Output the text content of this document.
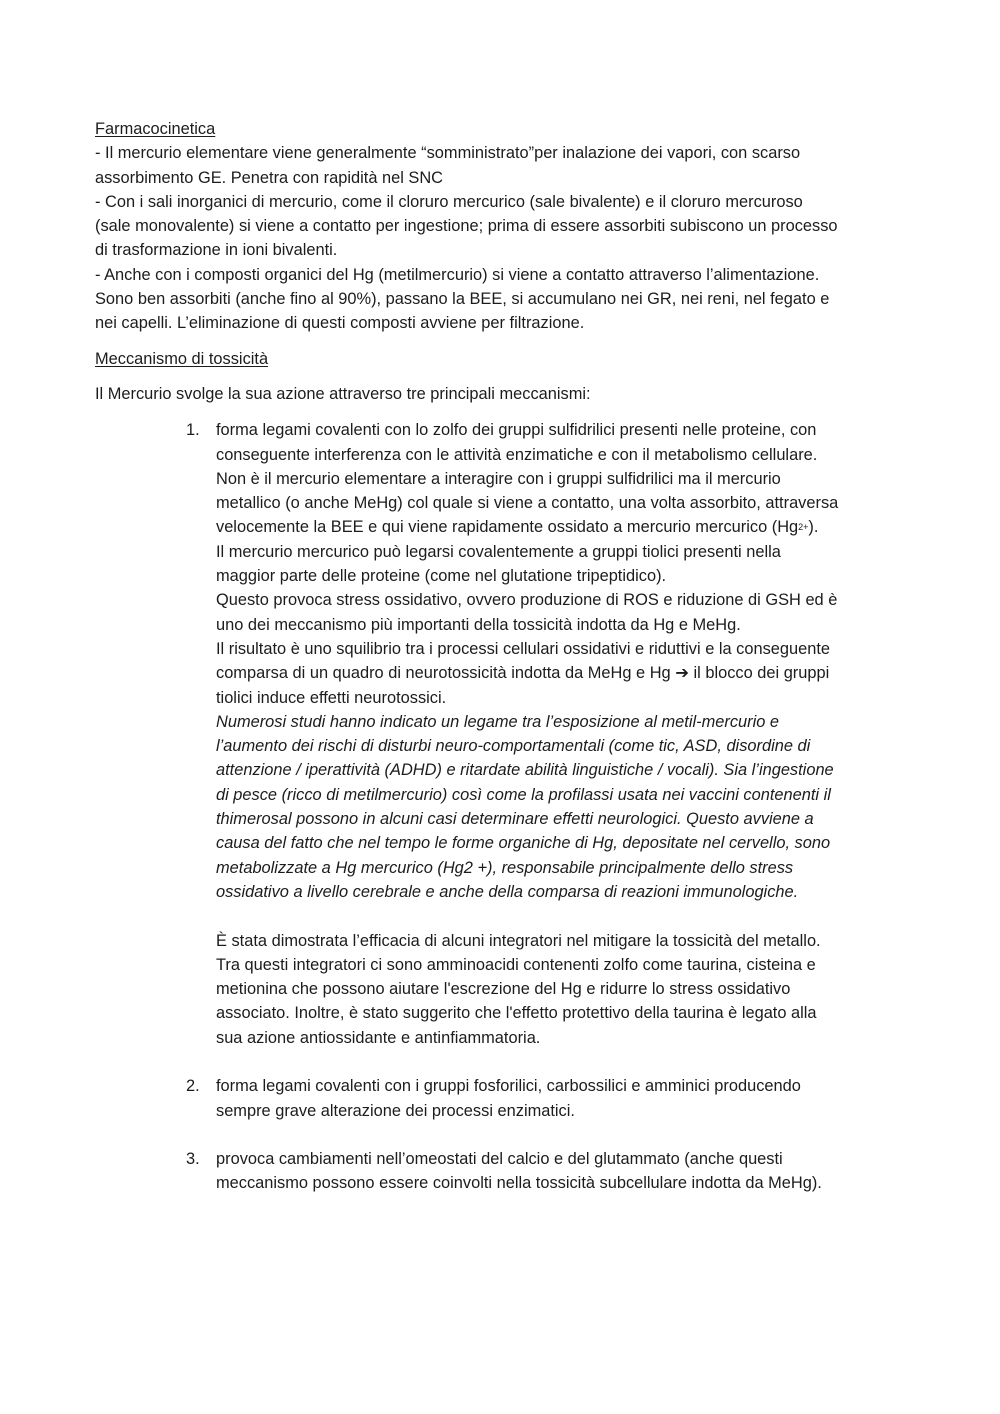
Farmacocinetica
- Il mercurio elementare viene generalmente “somministrato”per inalazione dei vapori, con scarso
assorbimento GE. Penetra con rapidità nel SNC
- Con i sali inorganici di mercurio, come il cloruro mercurico (sale bivalente) e il cloruro mercuroso
(sale monovalente) si viene a contatto per ingestione; prima di essere assorbiti subiscono un processo
di trasformazione in ioni bivalenti.
- Anche con i composti organici del Hg (metilmercurio) si viene a contatto attraverso l’alimentazione.
Sono ben assorbiti (anche fino al 90%), passano la BEE, si accumulano nei GR, nei reni, nel fegato e
nei capelli. L’eliminazione di questi composti avviene per filtrazione.
Meccanismo di tossicità
Il Mercurio svolge la sua azione attraverso tre principali meccanismi:
1. forma legami covalenti con lo zolfo dei gruppi sulfidrilici presenti nelle proteine, con
conseguente interferenza con le attività enzimatiche e con il metabolismo cellulare.
Non è il mercurio elementare a interagire con i gruppi sulfidrilici ma il mercurio
metallico (o anche MeHg) col quale si viene a contatto, una volta assorbito, attraversa
velocemente la BEE e qui viene rapidamente ossidato a mercurio mercurico $(Hg^{2+})$.
Il mercurio mercurico può legarsi covalentemente a gruppi tiolici presenti nella
maggior parte delle proteine (come nel glutatione tripeptidico).
Questo provoca stress ossidativo, ovvero produzione di ROS e riduzione di GSH ed è
uno dei meccanismo più importanti della tossicità indotta da Hg e MeHg.
Il risultato è uno squilibrio tra i processi cellulari ossidativi e riduttivi e la conseguente
comparsa di un quadro di neurotossicità indotta da MeHg e Hg ➔ il blocco dei gruppi
tiolici induce effetti neurotossici.
Numerosi studi hanno indicato un legame tra l’esposizione al metil-mercurio e
l’aumento dei rischi di disturbi neuro-comportamentali (come tic, ASD, disordine di
attenzione / iperattività (ADHD) e ritardate abilità linguistiche / vocali). Sia l’ingestione
di pesce (ricco di metilmercurio) così come la profilassi usata nei vaccini contenenti il
thimerosal possono in alcuni casi determinare effetti neurologici. Questo avviene a
causa del fatto che nel tempo le forme organiche di Hg, depositate nel cervello, sono
metabolizzate a Hg mercurico (Hg2 +), responsabile principalmente dello stress
ossidativo a livello cerebrale e anche della comparsa di reazioni immunologiche.
È stata dimostrata l’efficacia di alcuni integratori nel mitigare la tossicità del metallo.
Tra questi integratori ci sono amminoacidi contenenti zolfo come taurina, cisteina e
metionina che possono aiutare l'escrezione del Hg e ridurre lo stress ossidativo
associato. Inoltre, è stato suggerito che l'effetto protettivo della taurina è legato alla
sua azione antiossidante e antinfiammatoria.
2. forma legami covalenti con i gruppi fosforilici, carbossilici e amminici producendo
sempre grave alterazione dei processi enzimatici.
3. provoca cambiamenti nell’omeostati del calcio e del glutammato (anche questi
meccanismo possono essere coinvolti nella tossicità subcellulare indotta da MeHg).
